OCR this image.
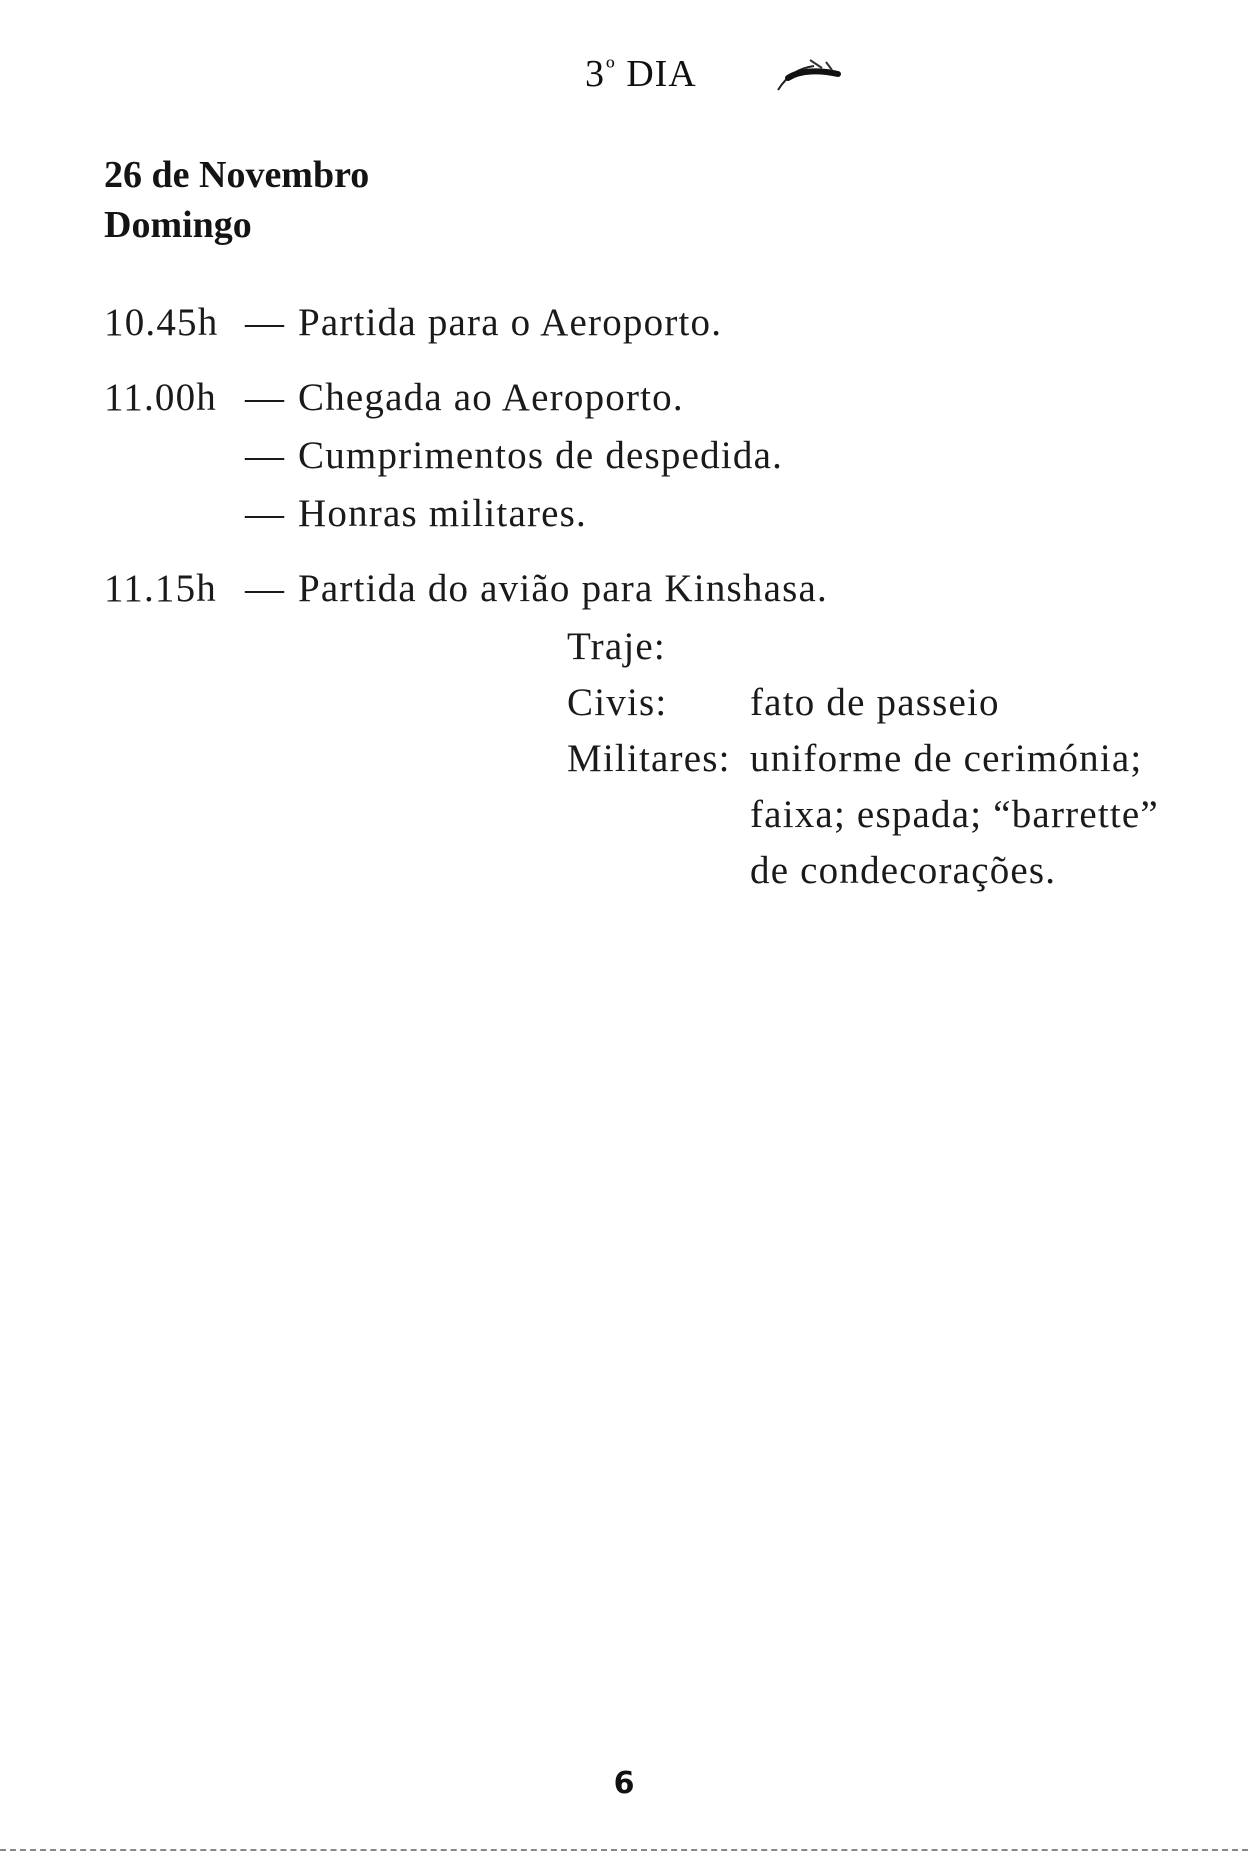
$3^º$ DIA
26 de Novembro
Domingo
10.45h — Partida para o Aeroporto.
11.00h — Chegada ao Aeroporto.
— Cumprimentos de despedida.
— Honras militares.
11.15h — Partida do avião para Kinshasa.
Traje:
Civis:	fato de passeio
Militares: uniforme de cerimónia;
faixa; espada; “barrette”
de condecorações.
6
